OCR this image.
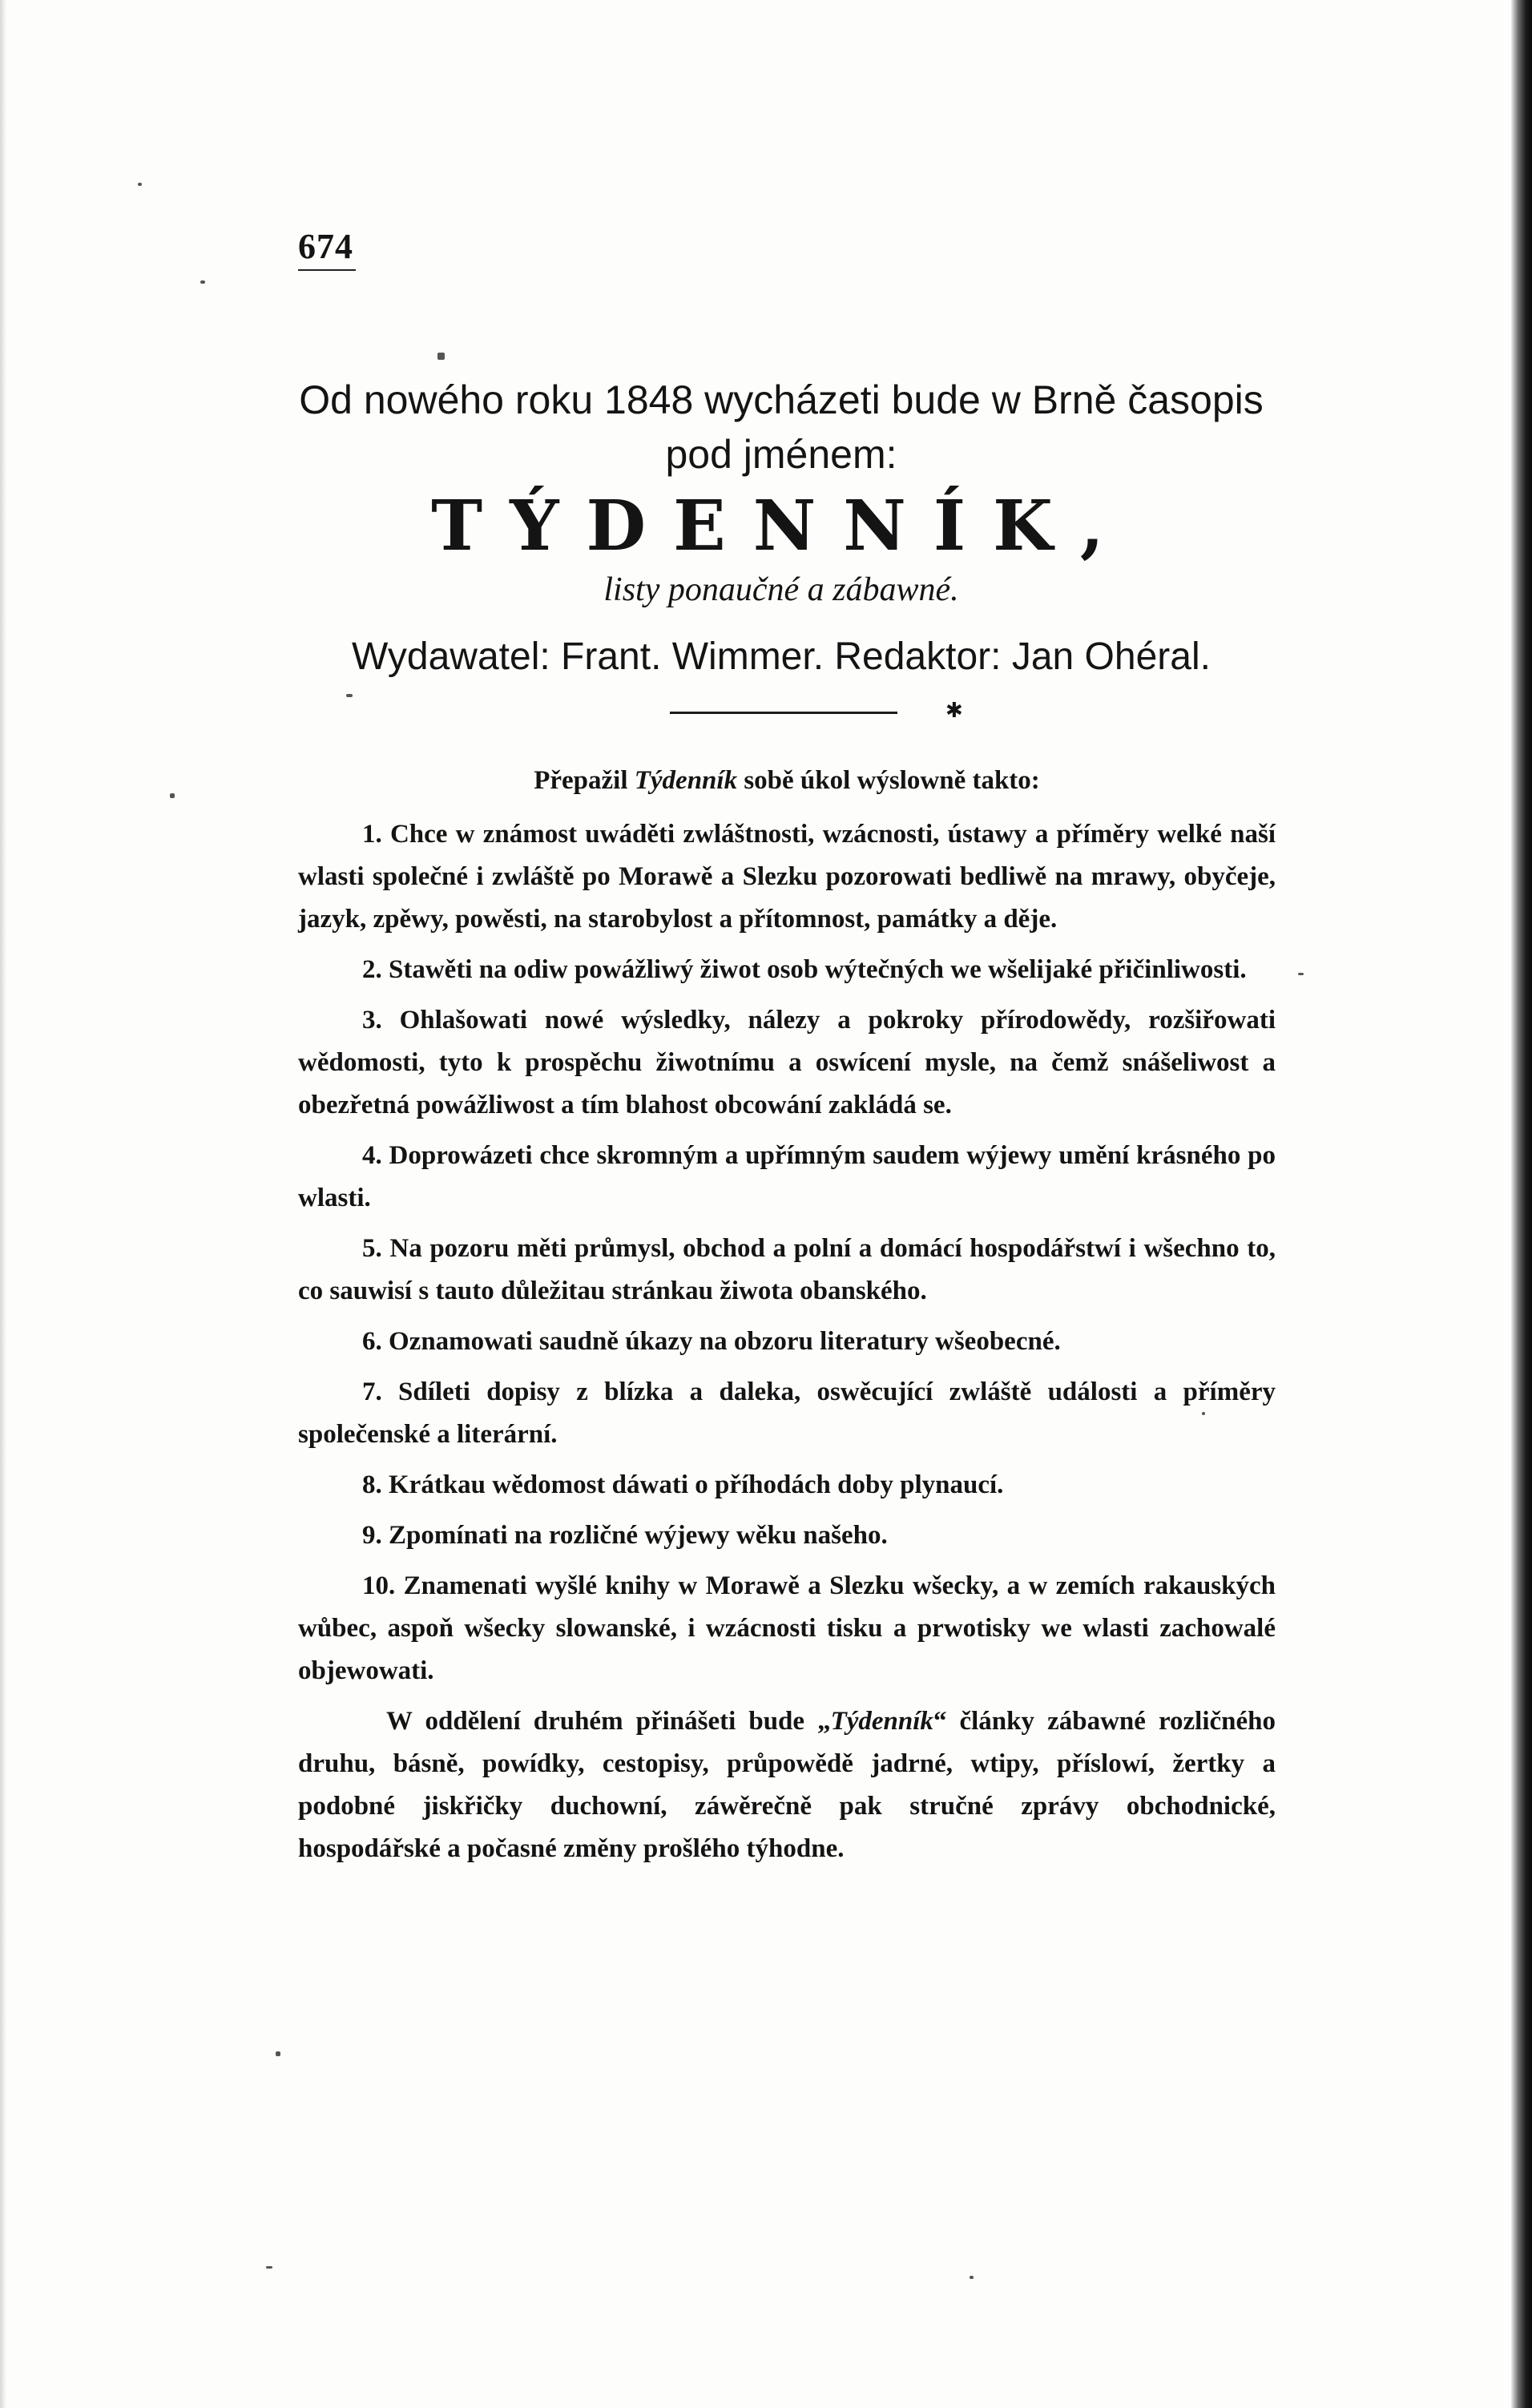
674
Od nowého roku 1848 wycházeti bude w Brně časopis
pod jménem:
TÝDENNÍK,
listy ponaučné a zábawné.
Wydawatel: Frant. Wimmer. Redaktor: Jan Ohéral.
✱

Přepažil Týdenník sobě úkol wýslowně takto:

1. Chce w známost uwáděti zwláštnosti, wzácnosti, ústawy a příměry welké naší wlasti společné i zwláště po Morawě a Slezku pozorowati bedliwě na mrawy, obyčeje, jazyk, zpěwy, powěsti, na starobylost a přítomnost, památky a děje.

2. Stawěti na odiw powážliwý žiwot osob wýtečných we wšelijaké přičinliwosti.

3. Ohlašowati nowé wýsledky, nálezy a pokroky přírodowědy, rozšiřowati wědomosti, tyto k prospěchu žiwotnímu a oswícení mysle, na čemž snášeliwost a obezřetná powážliwost a tím blahost obcowání zakládá se.

4. Doprowázeti chce skromným a upřímným saudem wýjewy umění krásného po wlasti.

5. Na pozoru měti průmysl, obchod a polní a domácí hospodářstwí i wšechno to, co sauwisí s tauto důležitau stránkau žiwota obanského.

6. Oznamowati saudně úkazy na obzoru literatury wšeobecné.

7. Sdíleti dopisy z blízka a daleka, oswěcující zwláště události a příměry společenské a literární.

8. Krátkau wědomost dáwati o příhodách doby plynaucí.

9. Zpomínati na rozličné wýjewy wěku našeho.

10. Znamenati wyšlé knihy w Morawě a Slezku wšecky, a w zemích rakauských wůbec, aspoň wšecky slowanské, i wzácnosti tisku a prwotisky we wlasti zachowalé objewowati.

W oddělení druhém přinášeti bude „Týdenník“ články zábawné rozličného druhu, básně, powídky, cestopisy, průpowědě jadrné, wtipy, příslowí, žertky a podobné jiskřičky duchowní, záwěrečně pak stručné zprávy obchodnické, hospodářské a počasné změny prošlého týhodne.
